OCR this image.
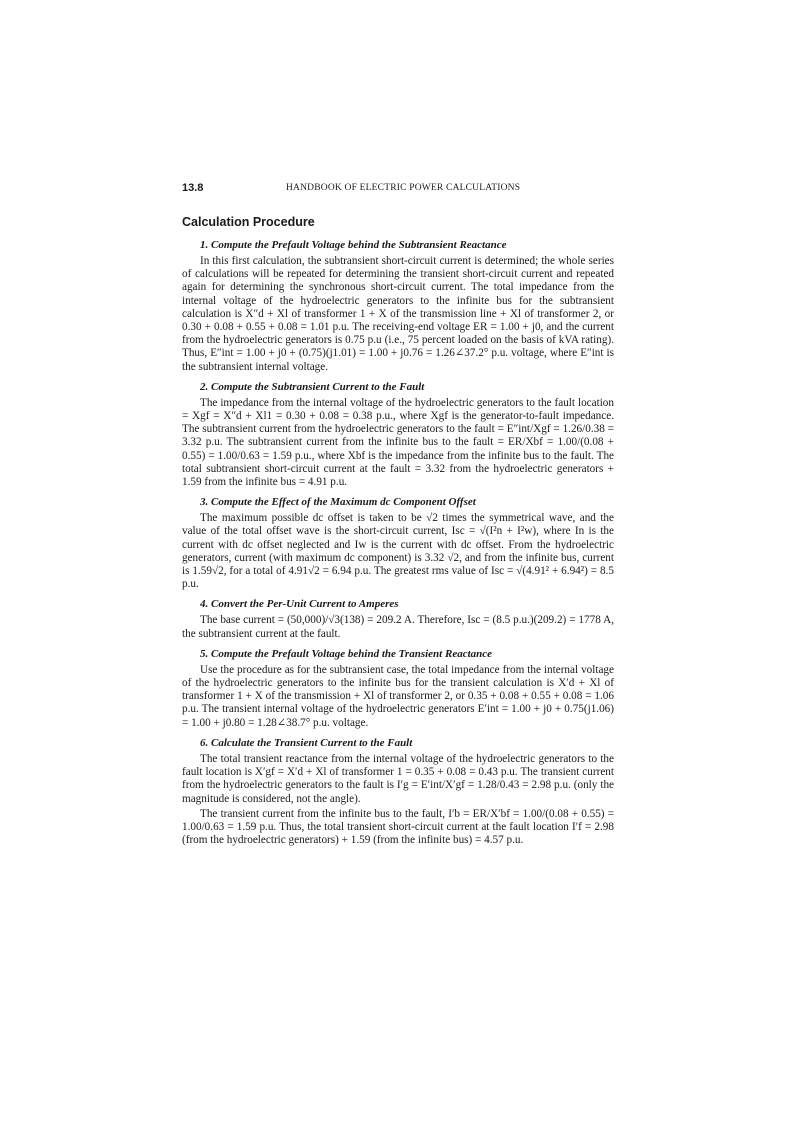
13.8	HANDBOOK OF ELECTRIC POWER CALCULATIONS
Calculation Procedure
1. Compute the Prefault Voltage behind the Subtransient Reactance

In this first calculation, the subtransient short-circuit current is determined; the whole series of calculations will be repeated for determining the transient short-circuit current and repeated again for determining the synchronous short-circuit current. The total impedance from the internal voltage of the hydroelectric generators to the infinite bus for the subtransient calculation is X″d + Xl of transformer 1 + X of the transmission line + Xl of transformer 2, or 0.30 + 0.08 + 0.55 + 0.08 = 1.01 p.u. The receiving-end voltage ER = 1.00 + j0, and the current from the hydroelectric generators is 0.75 p.u (i.e., 75 percent loaded on the basis of kVA rating). Thus, E″int = 1.00 + j0 + (0.75)(j1.01) = 1.00 + j0.76 = 1.26∠37.2° p.u. voltage, where E″int is the subtransient internal voltage.

2. Compute the Subtransient Current to the Fault

The impedance from the internal voltage of the hydroelectric generators to the fault location = Xgf = X″d + Xl1 = 0.30 + 0.08 = 0.38 p.u., where Xgf is the generator-to-fault impedance. The subtransient current from the hydroelectric generators to the fault = E″int/Xgf = 1.26/0.38 = 3.32 p.u. The subtransient current from the infinite bus to the fault = ER/Xbf = 1.00/(0.08 + 0.55) = 1.00/0.63 = 1.59 p.u., where Xbf is the impedance from the infinite bus to the fault. The total subtransient short-circuit current at the fault = 3.32 from the hydroelectric generators + 1.59 from the infinite bus = 4.91 p.u.

3. Compute the Effect of the Maximum dc Component Offset

The maximum possible dc offset is taken to be √2 times the symmetrical wave, and the value of the total offset wave is the short-circuit current, Isc = √(I²n + I²w), where In is the current with dc offset neglected and Iw is the current with dc offset. From the hydroelectric generators, current (with maximum dc component) is 3.32 √2, and from the infinite bus, current is 1.59√2, for a total of 4.91√2 = 6.94 p.u. The greatest rms value of Isc = √(4.91² + 6.94²) = 8.5 p.u.

4. Convert the Per-Unit Current to Amperes

The base current = (50,000)/√3(138) = 209.2 A. Therefore, Isc = (8.5 p.u.)(209.2) = 1778 A, the subtransient current at the fault.

5. Compute the Prefault Voltage behind the Transient Reactance

Use the procedure as for the subtransient case, the total impedance from the internal voltage of the hydroelectric generators to the infinite bus for the transient calculation is X′d + Xl of transformer 1 + X of the transmission + Xl of transformer 2, or 0.35 + 0.08 + 0.55 + 0.08 = 1.06 p.u. The transient internal voltage of the hydroelectric generators E′int = 1.00 + j0 + 0.75(j1.06) = 1.00 + j0.80 = 1.28∠38.7° p.u. voltage.

6. Calculate the Transient Current to the Fault

The total transient reactance from the internal voltage of the hydroelectric generators to the fault location is X′gf = X′d + Xl of transformer 1 = 0.35 + 0.08 = 0.43 p.u. The transient current from the hydroelectric generators to the fault is I′g = E′int/X′gf = 1.28/0.43 = 2.98 p.u. (only the magnitude is considered, not the angle).

The transient current from the infinite bus to the fault, I′b = ER/X′bf = 1.00/(0.08 + 0.55) = 1.00/0.63 = 1.59 p.u. Thus, the total transient short-circuit current at the fault location I′f = 2.98 (from the hydroelectric generators) + 1.59 (from the infinite bus) = 4.57 p.u.
